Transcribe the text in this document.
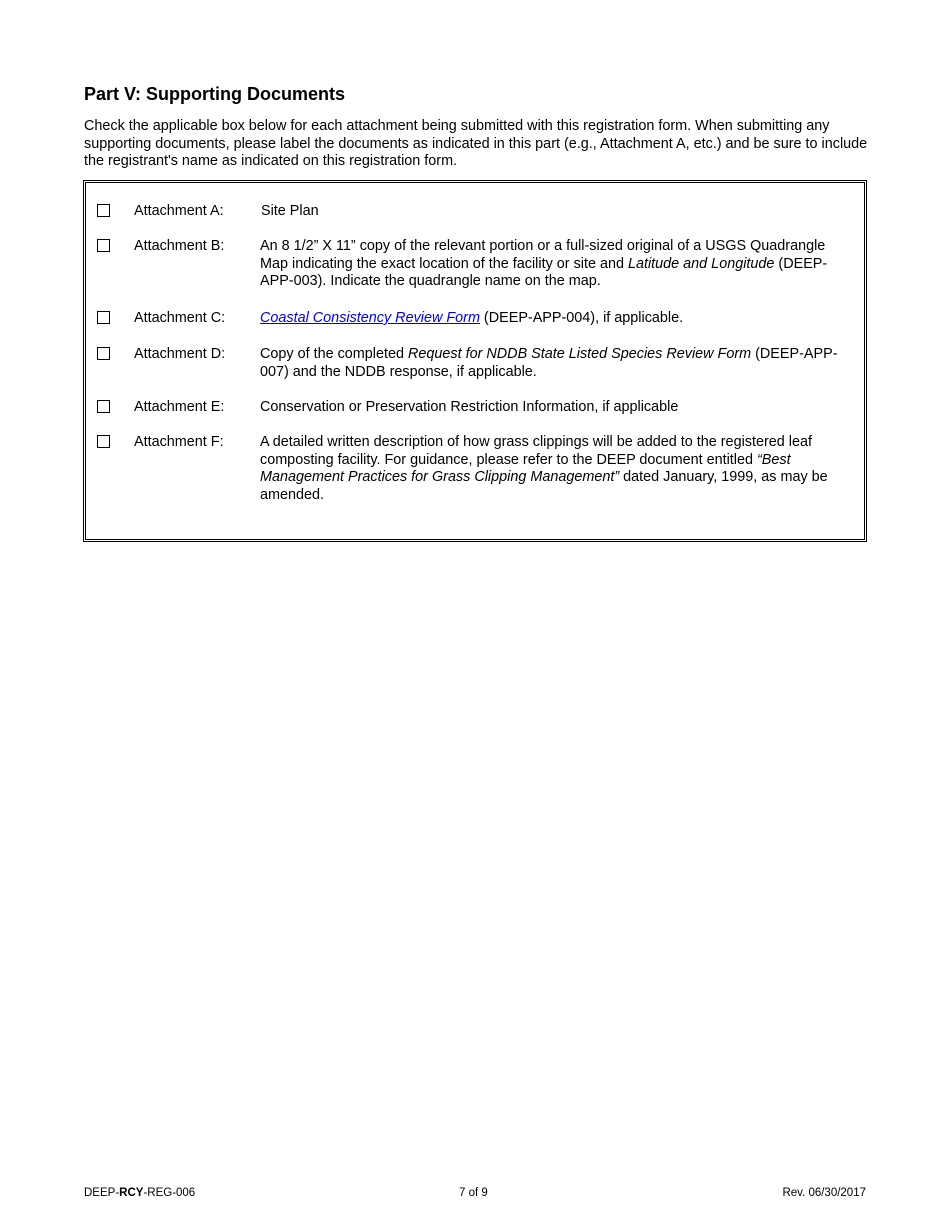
Part V: Supporting Documents

Check the applicable box below for each attachment being submitted with this registration form. When submitting any supporting documents, please label the documents as indicated in this part (e.g., Attachment A, etc.) and be sure to include the registrant's name as indicated on this registration form.

Attachment A:	Site Plan
Attachment B: An 8 1/2” X 11” copy of the relevant portion or a full-sized original of a USGS Quadrangle Map indicating the exact location of the facility or site and Latitude and Longitude (DEEP-APP-003). Indicate the quadrangle name on the map.
Attachment C: Coastal Consistency Review Form (DEEP-APP-004), if applicable.
Attachment D: Copy of the completed Request for NDDB State Listed Species Review Form (DEEP-APP-007) and the NDDB response, if applicable.
Attachment E: Conservation or Preservation Restriction Information, if applicable
Attachment F:	A detailed written description of how grass clippings will be added to the registered leaf composting facility. For guidance, please refer to the DEEP document entitled “Best Management Practices for Grass Clipping Management” dated January, 1999, as may be amended.
DEEP-RCY-REG-006	7 of 9	Rev. 06/30/2017
